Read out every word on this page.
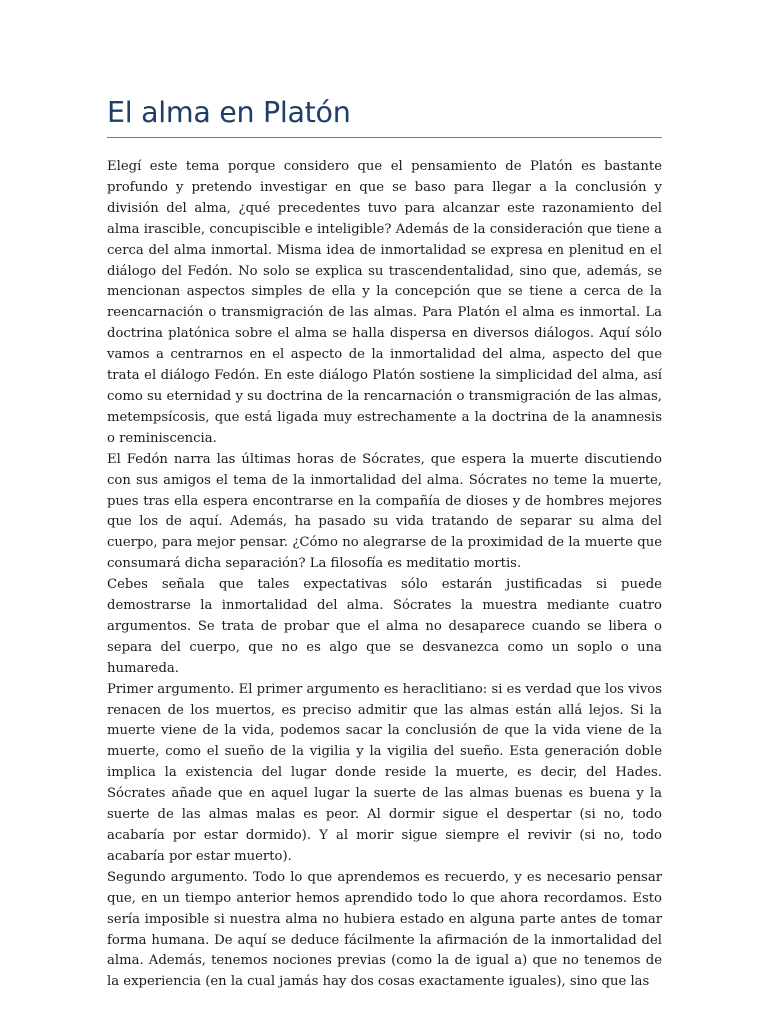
El alma en Platón

Elegí este tema porque considero que el pensamiento de Platón es bastante profundo y pretendo investigar en que se baso para llegar a la conclusión y división del alma, ¿qué precedentes tuvo para alcanzar este razonamiento del alma irascible, concupiscible e inteligible? Además de la consideración que tiene a cerca del alma inmortal. Misma idea de inmortalidad se expresa en plenitud en el diálogo del Fedón. No solo se explica su trascendentalidad, sino que, además, se mencionan aspectos simples de ella y la concepción que se tiene a cerca de la reencarnación o transmigración de las almas. Para Platón el alma es inmortal. La doctrina platónica sobre el alma se halla dispersa en diversos diálogos. Aquí sólo vamos a centrarnos en el aspecto de la inmortalidad del alma, aspecto del que trata el diálogo Fedón. En este diálogo Platón sostiene la simplicidad del alma, así como su eternidad y su doctrina de la rencarnación o transmigración de las almas, metempsícosis, que está ligada muy estrechamente a la doctrina de la anamnesis o reminiscencia.

El Fedón narra las últimas horas de Sócrates, que espera la muerte discutiendo con sus amigos el tema de la inmortalidad del alma. Sócrates no teme la muerte, pues tras ella espera encontrarse en la compañía de dioses y de hombres mejores que los de aquí. Además, ha pasado su vida tratando de separar su alma del cuerpo, para mejor pensar. ¿Cómo no alegrarse de la proximidad de la muerte que consumará dicha separación? La filosofía es meditatio mortis.

Cebes señala que tales expectativas sólo estarán justificadas si puede demostrarse la inmortalidad del alma. Sócrates la muestra mediante cuatro argumentos. Se trata de probar que el alma no desaparece cuando se libera o separa del cuerpo, que no es algo que se desvanezca como un soplo o una humareda.

Primer argumento. El primer argumento es heraclitiano: si es verdad que los vivos renacen de los muertos, es preciso admitir que las almas están allá lejos. Si la muerte viene de la vida, podemos sacar la conclusión de que la vida viene de la muerte, como el sueño de la vigilia y la vigilia del sueño. Esta generación doble implica la existencia del lugar donde reside la muerte, es decir, del Hades. Sócrates añade que en aquel lugar la suerte de las almas buenas es buena y la suerte de las almas malas es peor. Al dormir sigue el despertar (si no, todo acabaría por estar dormido). Y al morir sigue siempre el revivir (si no, todo acabaría por estar muerto).

Segundo argumento. Todo lo que aprendemos es recuerdo, y es necesario pensar que, en un tiempo anterior hemos aprendido todo lo que ahora recordamos. Esto sería imposible si nuestra alma no hubiera estado en alguna parte antes de tomar forma humana. De aquí se deduce fácilmente la afirmación de la inmortalidad del alma. Además, tenemos nociones previas (como la de igual a) que no tenemos de la experiencia (en la cual jamás hay dos cosas exactamente iguales), sino que las
